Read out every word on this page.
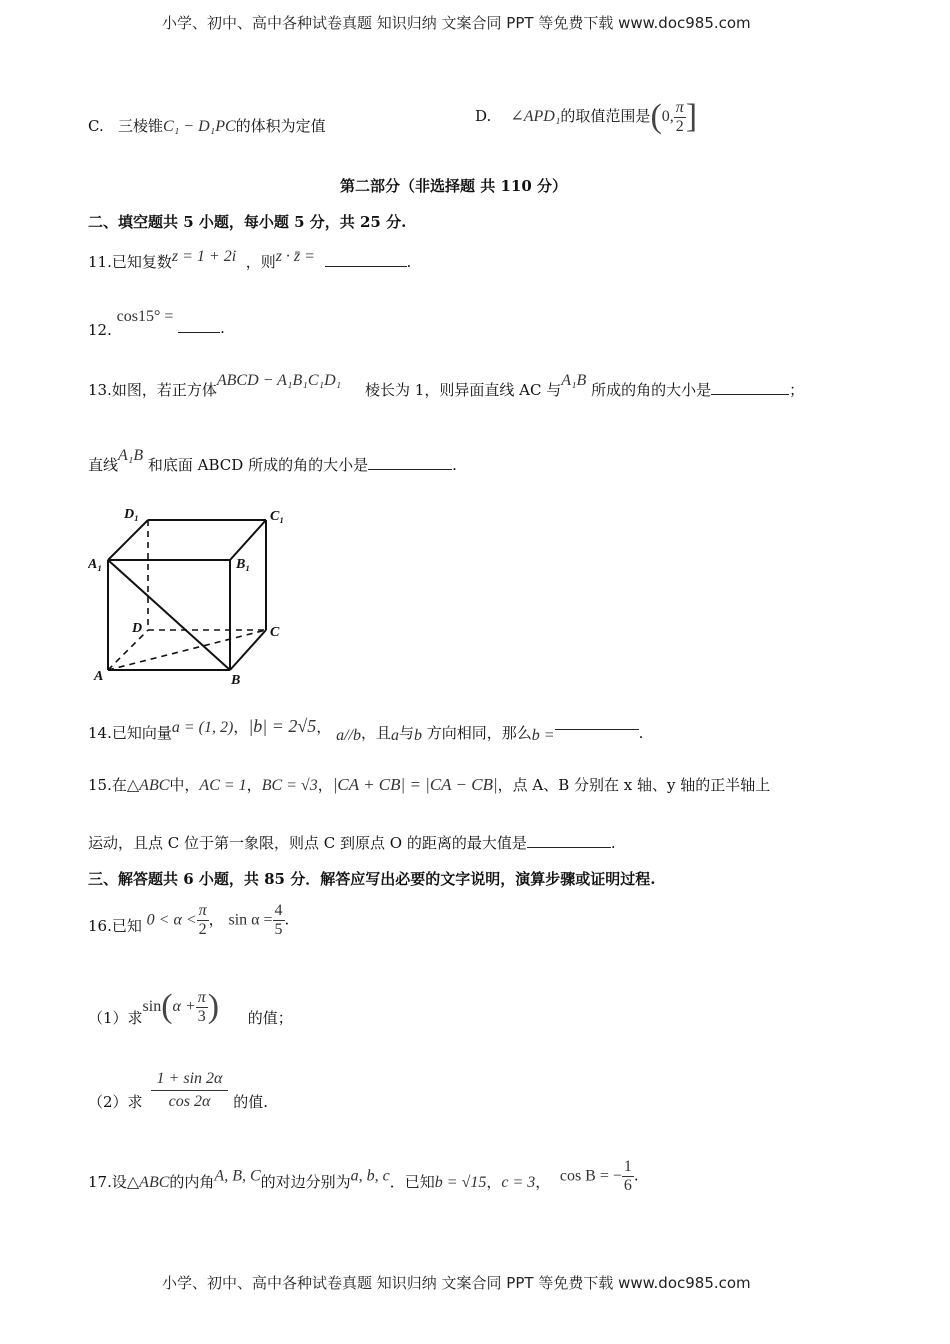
小学、初中、高中各种试卷真题 知识归纳 文案合同 PPT 等免费下载 www.doc985.com
C. 三棱锥C₁ − D₁PC的体积为定值
D. ∠APD₁的取值范围是(0, $\frac{\pi}{2}$ ]
第二部分（非选择题 共 110 分）
二、填空题共 5 小题，每小题 5 分，共 25 分.
11.已知复数z = 1 + 2i ，则z · z̄ =	.
12. cos15° = .
13.如图，若正方体ABCD − A₁B₁C₁D₁     棱长为 1，则异面直线 AC 与A₁B 所成的角的大小是	；
直线A₁B 和底面 ABCD 所成的角的大小是	.
D₁	C₁
A₁	B₁
D	C
A	B
14.已知向量a = (1, 2)，|b| = 2√5， a//b，且a与b 方向相同，那么b =	.
15.在△ABC中，AC = 1，BC = √3，|CA + CB| = |CA − CB|，点 A、B 分别在 x 轴、y 轴的正半轴上
运动，且点 C 位于第一象限，则点 C 到原点 O 的距离的最大值是	.
三、解答题共 6 小题，共 85 分．解答应写出必要的文字说明，演算步骤或证明过程.
16.已知 $0 < \alpha < \frac{\pi}{2}$ ， $\sin \alpha = \frac{4}{5}$ .
（1）求$\sin(\alpha + \frac{\pi}{3}$ ) 的值；
（2）求 $\frac{1 + \sin 2\alpha}{\cos 2\alpha}$ 的值.
17.设△ABC的内角A, B, C的对边分别为a, b, c．已知b = √15，c = 3， cos B = − $\frac{1}{6}$ .
小学、初中、高中各种试卷真题 知识归纳 文案合同 PPT 等免费下载 www.doc985.com
